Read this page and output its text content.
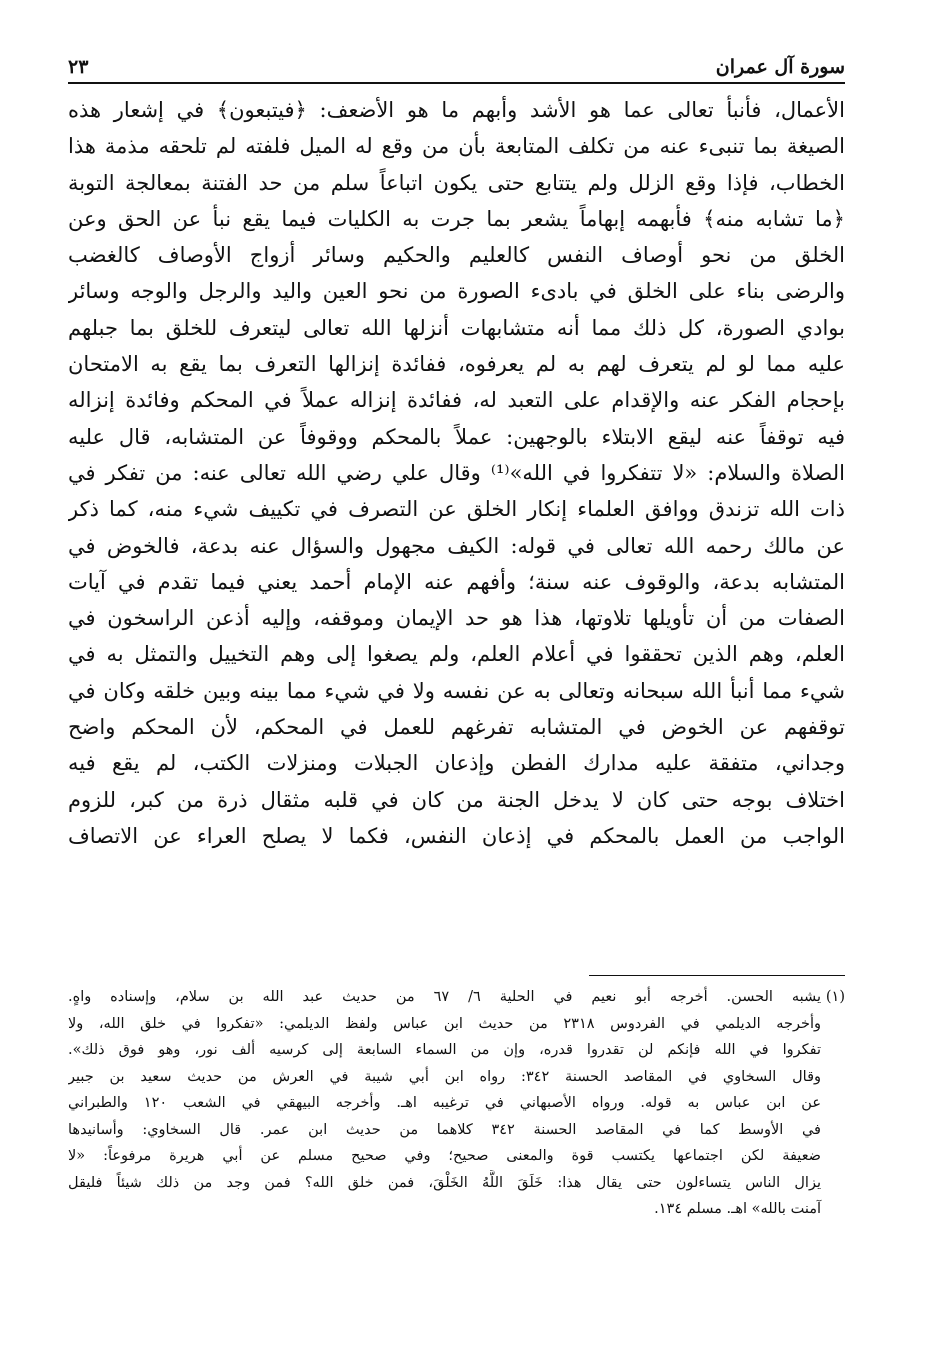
سورة آل عمران
٢٣
الأعمال، فأنبأ تعالى عما هو الأشد وأبهم ما هو الأضعف: ﴿فيتبعون﴾ في إشعار هذه
الصيغة بما تنبىء عنه من تكلف المتابعة بأن من وقع له الميل فلفته لم تلحقه مذمة هذا
الخطاب، فإذا وقع الزلل ولم يتتابع حتى يكون اتباعاً سلم من حد الفتنة بمعالجة التوبة
﴿ما تشابه منه﴾ فأبهمه إبهاماً يشعر بما جرت به الكليات فيما يقع نبأ عن الحق وعن
الخلق من نحو أوصاف النفس كالعليم والحكيم وسائر أزواج الأوصاف كالغضب
والرضى بناء على الخلق في بادىء الصورة من نحو العين واليد والرجل والوجه وسائر
بوادي الصورة، كل ذلك مما أنه متشابهات أنزلها الله تعالى ليتعرف للخلق بما جبلهم
عليه مما لو لم يتعرف لهم به لم يعرفوه، ففائدة إنزالها التعرف بما يقع به الامتحان
بإحجام الفكر عنه والإقدام على التعبد له، ففائدة إنزاله عملاً في المحكم وفائدة إنزاله
فيه توقفاً عنه ليقع الابتلاء بالوجهين: عملاً بالمحكم ووقوفاً عن المتشابه، قال عليه
الصلاة والسلام: «لا تتفكروا في الله»⁽¹⁾ وقال علي رضي الله تعالى عنه: من تفكر في
ذات الله تزندق ووافق العلماء إنكار الخلق عن التصرف في تكييف شيء منه، كما ذكر
عن مالك رحمه الله تعالى في قوله: الكيف مجهول والسؤال عنه بدعة، فالخوض في
المتشابه بدعة، والوقوف عنه سنة؛ وأفهم عنه الإمام أحمد يعني فيما تقدم في آيات
الصفات من أن تأويلها تلاوتها، هذا هو حد الإيمان وموقفه، وإليه أذعن الراسخون في
العلم، وهم الذين تحققوا في أعلام العلم، ولم يصغوا إلى وهم التخييل والتمثل به في
شيء مما أنبأ الله سبحانه وتعالى به عن نفسه ولا في شيء مما بينه وبين خلقه وكان في
توقفهم عن الخوض في المتشابه تفرغهم للعمل في المحكم، لأن المحكم واضح
وجداني، متفقة عليه مدارك الفطن وإذعان الجبلات ومنزلات الكتب، لم يقع فيه
اختلاف بوجه حتى كان لا يدخل الجنة من كان في قلبه مثقال ذرة من كبر، للزوم
الواجب من العمل بالمحكم في إذعان النفس، فكما لا يصلح العراء عن الاتصاف
(١)يشبه الحسن. أخرجه أبو نعيم في الحلية ٦/ ٦٧ من حديث عبد الله بن سلام، وإسناده واهٍ.
وأخرجه الديلمي في الفردوس ٢٣١٨ من حديث ابن عباس ولفظ الديلمي: «تفكروا في خلق الله، ولا
تفكروا في الله فإنكم لن تقدروا قدره، وإن من السماء السابعة إلى كرسيه ألف نور، وهو فوق ذلك».
وقال السخاوي في المقاصد الحسنة ٣٤٢: رواه ابن أبي شيبة في العرش من حديث سعيد بن جبير
عن ابن عباس به قوله. ورواه الأصبهاني في ترغيبه اهـ. وأخرجه البيهقي في الشعب ١٢٠ والطبراني
في الأوسط كما في المقاصد الحسنة ٣٤٢ كلاهما من حديث ابن عمر. قال السخاوي: وأسانيدها
ضعيفة لكن اجتماعها يكتسب قوة والمعنى صحيح؛ وفي صحيح مسلم عن أبي هريرة مرفوعاً: «لا
يزال الناس يتساءلون حتى يقال هذا: خَلَقَ اللَّهُ الخَلْقَ، فمن خلق الله؟ فمن وجد من ذلك شيئاً فليقل
آمنت بالله» اهـ. مسلم ١٣٤.
